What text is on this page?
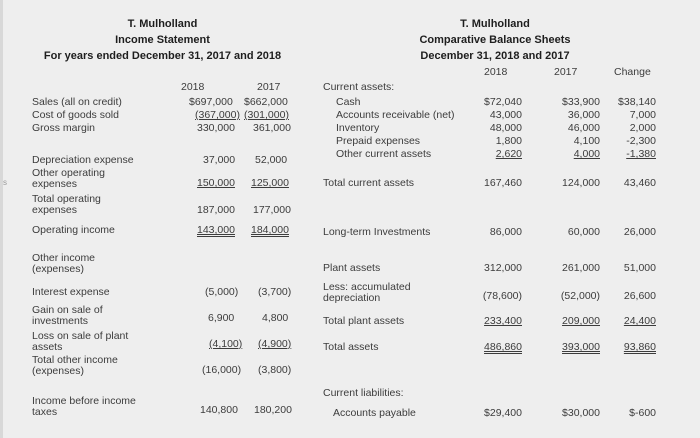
s
T. Mulholland
Income Statement
For years ended December 31, 2017 and 2018
2018	2017
Sales (all on credit)	$697,000 $662,000
Cost of goods sold	(367,000) (301,000)
Gross margin	330,000 361,000
Depreciation expense	37,000 52,000
Other operating expenses	150,000 125,000
Total operating expenses	187,000 177,000
Operating income	143,000 184,000
Other income (expenses)
Interest expense	(5,000) (3,700)
Gain on sale of investments	6,900	4,800
Loss on sale of plant assets	(4,100) (4,900)
Total other income (expenses)	(16,000) (3,800)
Income before income taxes	140,800 180,200
T. Mulholland
Comparative Balance Sheets
December 31, 2018 and 2017
2018	2017	Change
Current assets:
Cash	$72,040	$33,900	$38,140
Accounts receivable (net)	43,000	36,000	7,000
Inventory	48,000	46,000	2,000
Prepaid expenses	1,800	4,100	-2,300
Other current assets	2,620	4,000	-1,380
Total current assets	167,460	124,000	43,460
Long-term Investments	86,000	60,000	26,000
Plant assets	312,000	261,000	51,000
Less: accumulated depreciation	(78,600)	(52,000)	26,600
Total plant assets	233,400	209,000	24,400
Total assets	486,860	393,000	93,860
Current liabilities:
Accounts payable	$29,400	$30,000	$-600
